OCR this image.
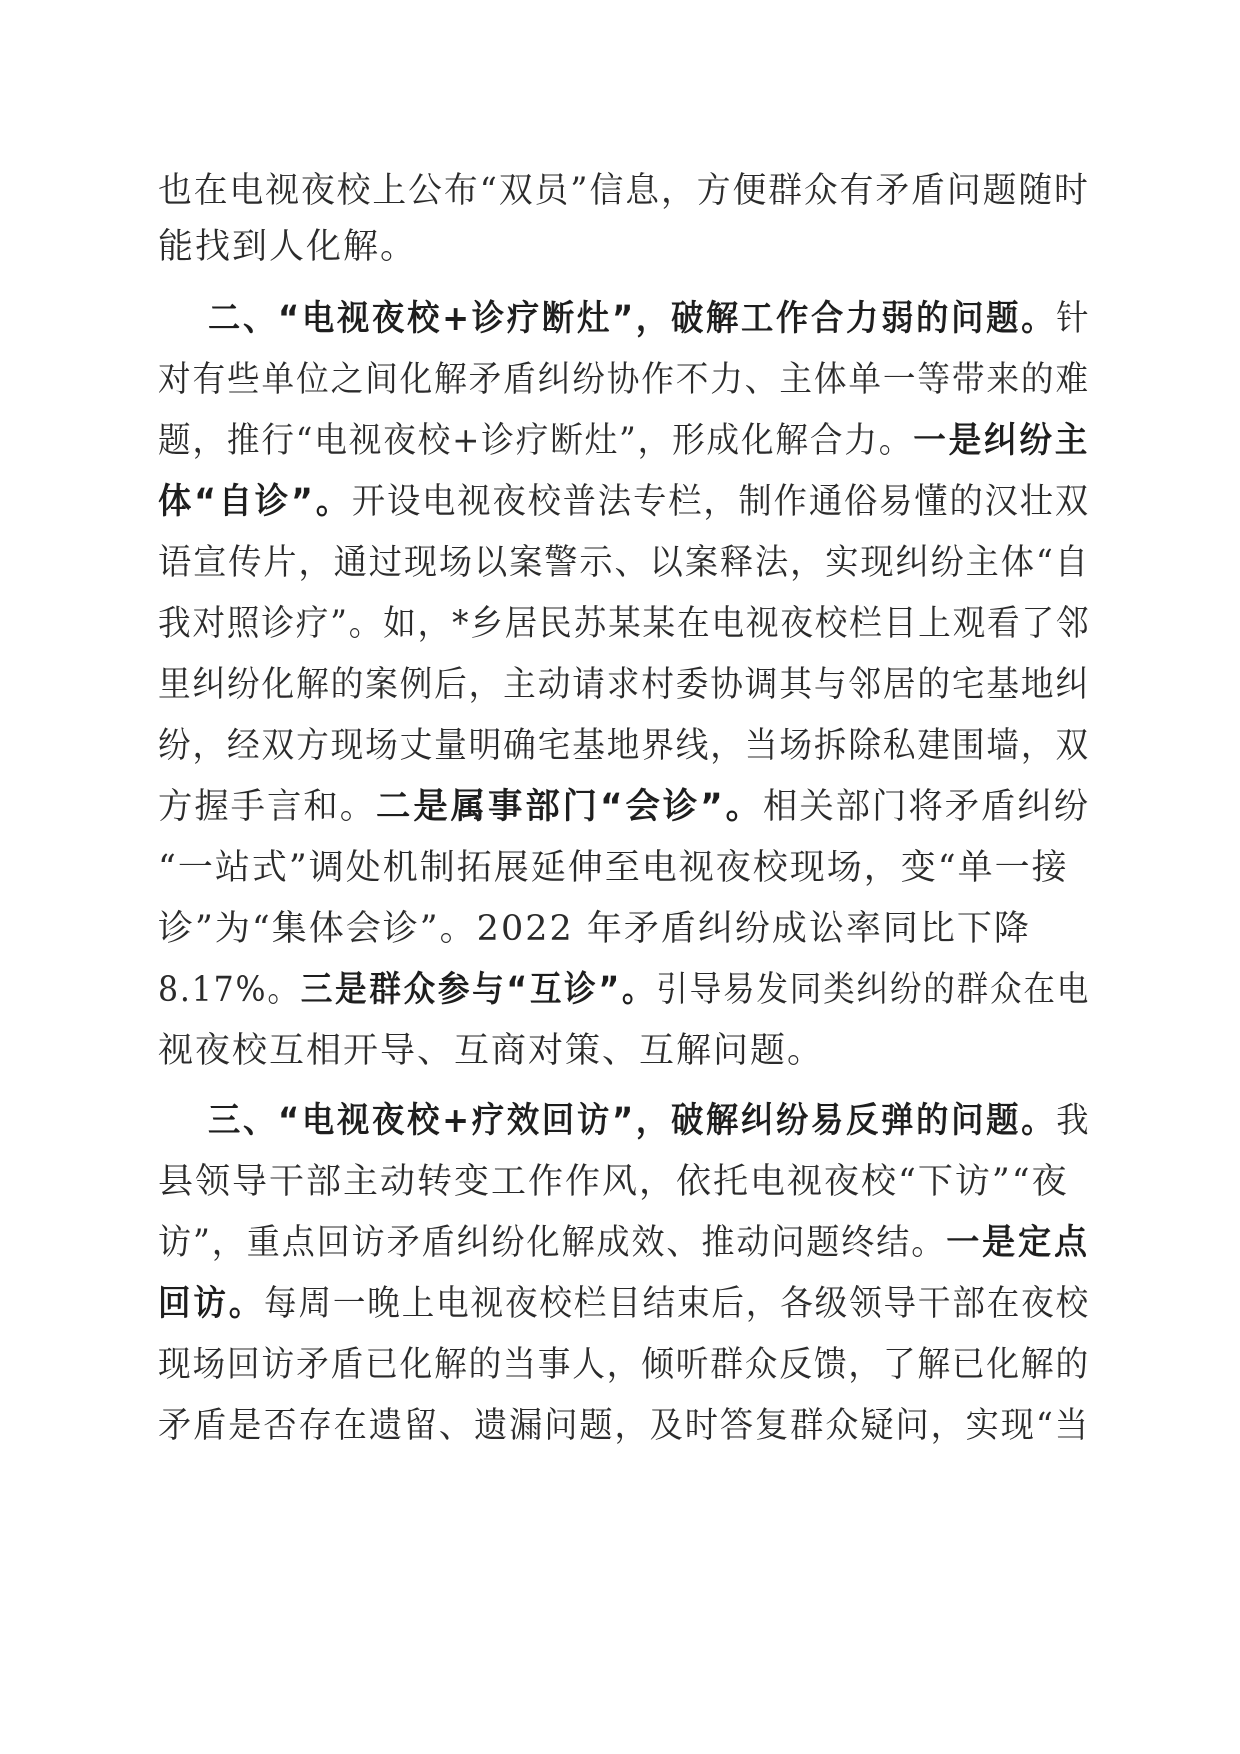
也在电视夜校上公布“双员”信息，方便群众有矛盾问题随时
能找到人化解。
二、“电视夜校+诊疗断灶”，破解工作合力弱的问题。针
对有些单位之间化解矛盾纠纷协作不力、主体单一等带来的难
题，推行“电视夜校+诊疗断灶”，形成化解合力。一是纠纷主
体“自诊”。开设电视夜校普法专栏，制作通俗易懂的汉壮双
语宣传片，通过现场以案警示、以案释法，实现纠纷主体“自
我对照诊疗”。如，*乡居民苏某某在电视夜校栏目上观看了邻
里纠纷化解的案例后，主动请求村委协调其与邻居的宅基地纠
纷，经双方现场丈量明确宅基地界线，当场拆除私建围墙，双
方握手言和。二是属事部门“会诊”。相关部门将矛盾纠纷
“一站式”调处机制拓展延伸至电视夜校现场，变“单一接
诊”为“集体会诊”。2022 年矛盾纠纷成讼率同比下降
8.17%。三是群众参与“互诊”。引导易发同类纠纷的群众在电
视夜校互相开导、互商对策、互解问题。
三、“电视夜校+疗效回访”，破解纠纷易反弹的问题。我
县领导干部主动转变工作作风，依托电视夜校“下访”“夜
访”，重点回访矛盾纠纷化解成效、推动问题终结。一是定点
回访。每周一晚上电视夜校栏目结束后，各级领导干部在夜校
现场回访矛盾已化解的当事人，倾听群众反馈，了解已化解的
矛盾是否存在遗留、遗漏问题，及时答复群众疑问，实现“当
